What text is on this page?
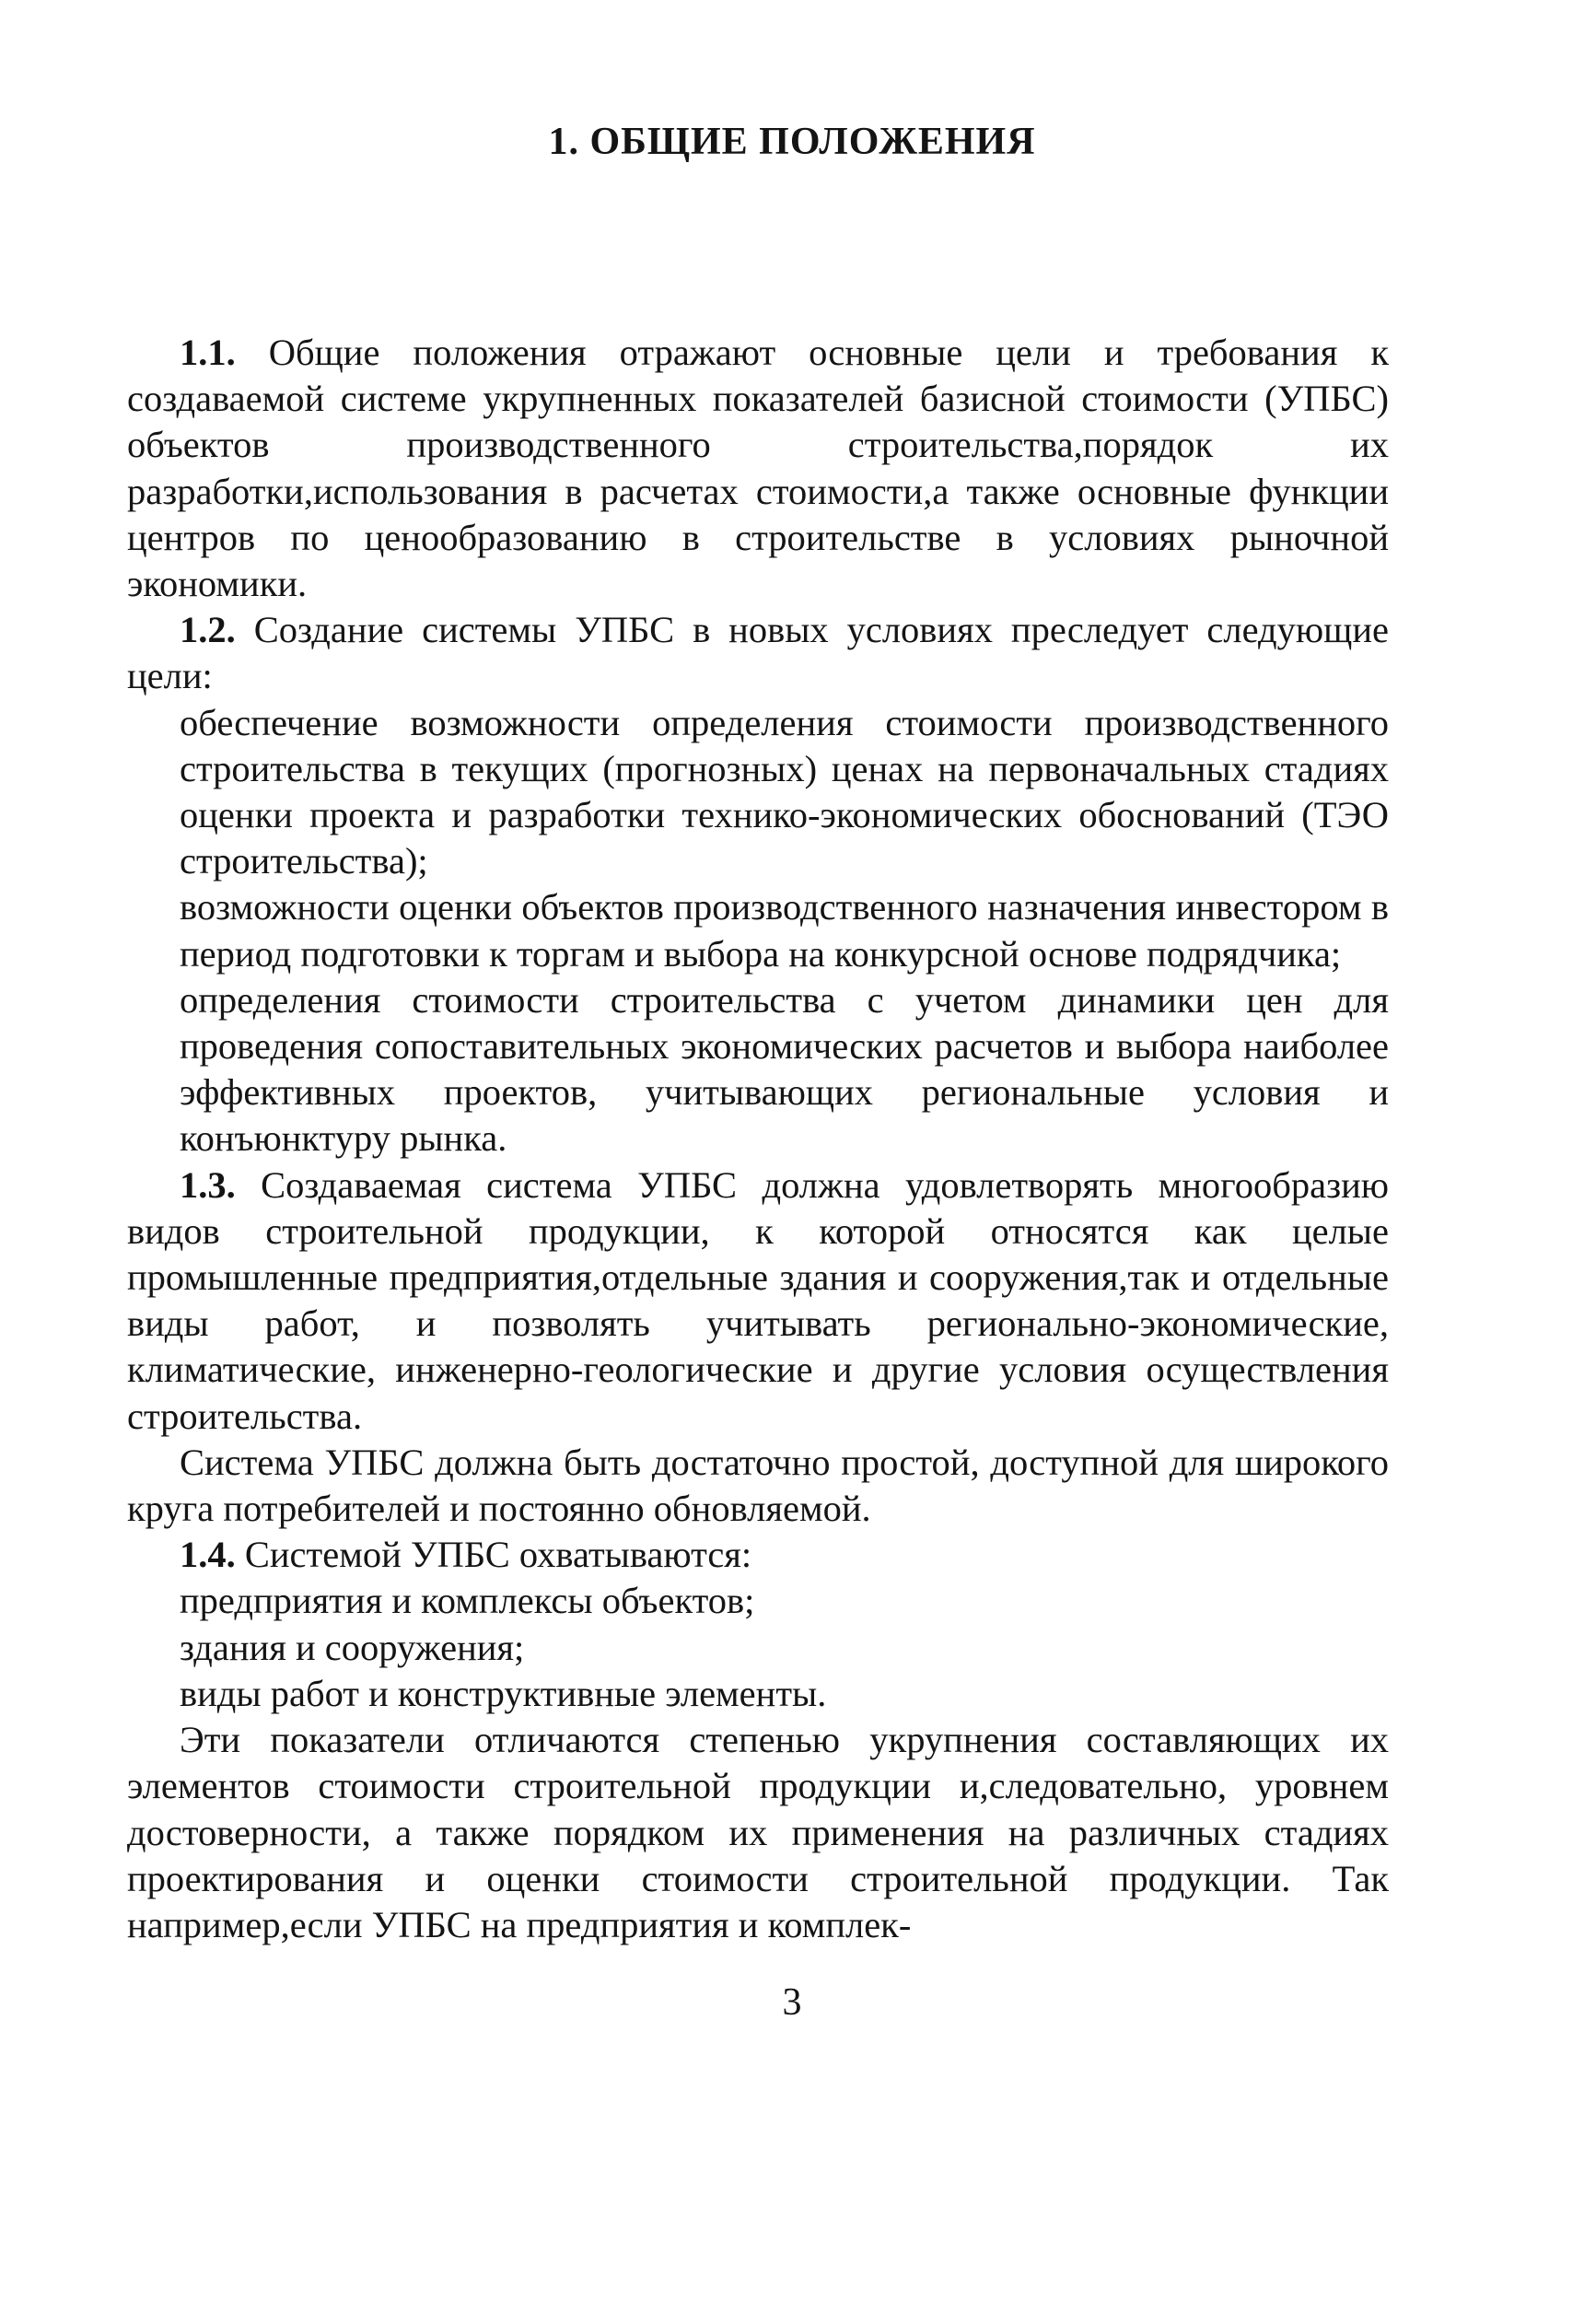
1. ОБЩИЕ ПОЛОЖЕНИЯ

1.1. Общие положения отражают основные цели и требования к создаваемой системе укрупненных показателей базисной стоимости (УПБС) объектов производственного строительства,порядок их разработки,использования в расчетах стоимости,а также основные функции центров по ценообразованию в строительстве в условиях рыночной экономики.

1.2. Создание системы УПБС в новых условиях преследует следующие цели:

обеспечение возможности определения стоимости производственного строительства в текущих (прогнозных) ценах на первоначальных стадиях оценки проекта и разработки технико-экономических обоснований (ТЭО строительства);

возможности оценки объектов производственного назначения инвестором в период подготовки к торгам и выбора на конкурсной основе подрядчика;

определения стоимости строительства с учетом динамики цен для проведения сопоставительных экономических расчетов и выбора наиболее эффективных проектов, учитывающих региональные условия и конъюнктуру рынка.

1.3. Создаваемая система УПБС должна удовлетворять многообразию видов строительной продукции, к которой относятся как целые промышленные предприятия,отдельные здания и сооружения,так и отдельные виды работ, и позволять учитывать регионально-экономические, климатические, инженерно-геологические и другие условия осуществления строительства.

Система УПБС должна быть достаточно простой, доступной для широкого круга потребителей и постоянно обновляемой.

1.4. Системой УПБС охватываются:

предприятия и комплексы объектов;

здания и сооружения;

виды работ и конструктивные элементы.

Эти показатели отличаются степенью укрупнения составляющих их элементов стоимости строительной продукции и,следовательно, уровнем достоверности, а также порядком их применения на различных стадиях проектирования и оценки стоимости строительной продукции. Так например,если УПБС на предприятия и комплек-

3
